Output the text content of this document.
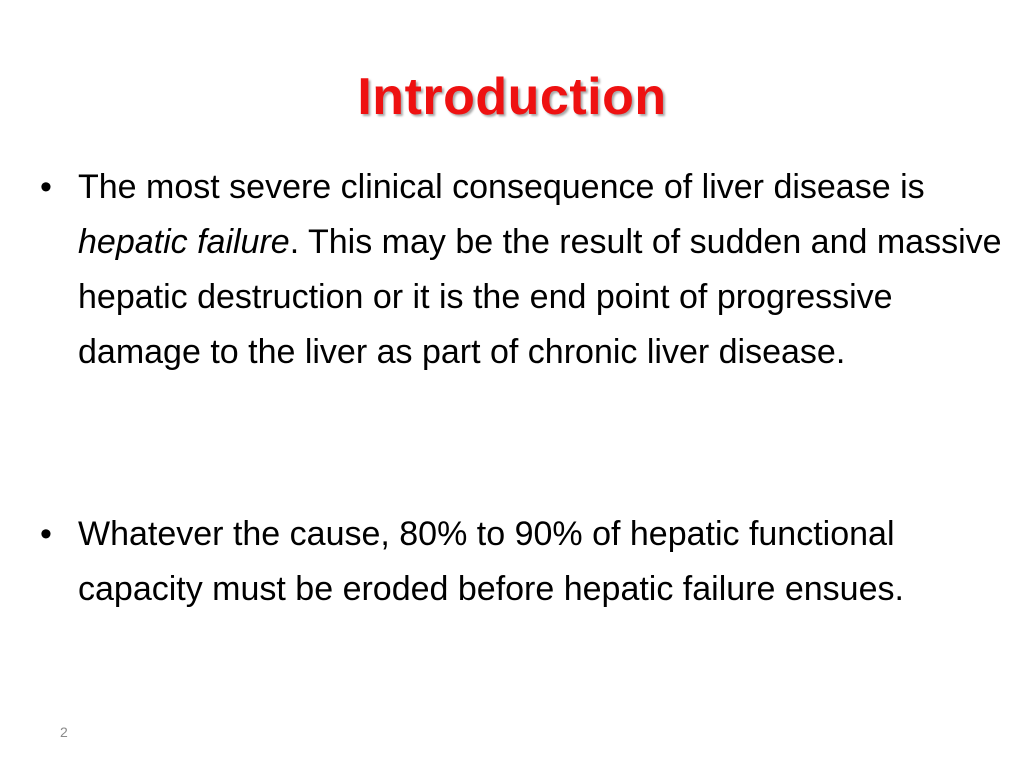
Introduction
• The most severe clinical consequence of liver disease is hepatic failure. This may be the result of sudden and massive hepatic destruction or it is the end point of progressive damage to the liver as part of chronic liver disease.
• Whatever the cause, 80% to 90% of hepatic functional capacity must be eroded before hepatic failure ensues.
2
